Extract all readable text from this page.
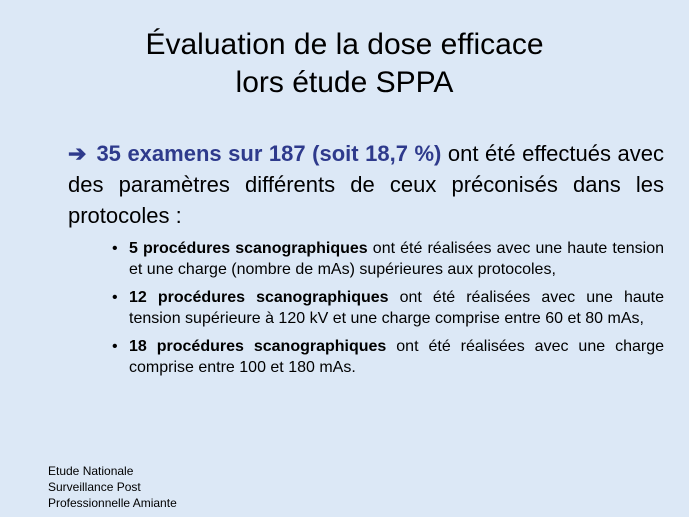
Évaluation de la dose efficace
lors étude SPPA
➔ 35 examens sur 187 (soit 18,7 %) ont été effectués avec des paramètres différents de ceux préconisés dans les protocoles :
• 5 procédures scanographiques ont été réalisées avec une haute tension et une charge (nombre de mAs) supérieures aux protocoles,
• 12 procédures scanographiques ont été réalisées avec une haute tension supérieure à 120 kV et une charge comprise entre 60 et 80 mAs,
• 18 procédures scanographiques ont été réalisées avec une charge comprise entre 100 et 180 mAs.
Etude Nationale
Surveillance Post
Professionnelle Amiante
